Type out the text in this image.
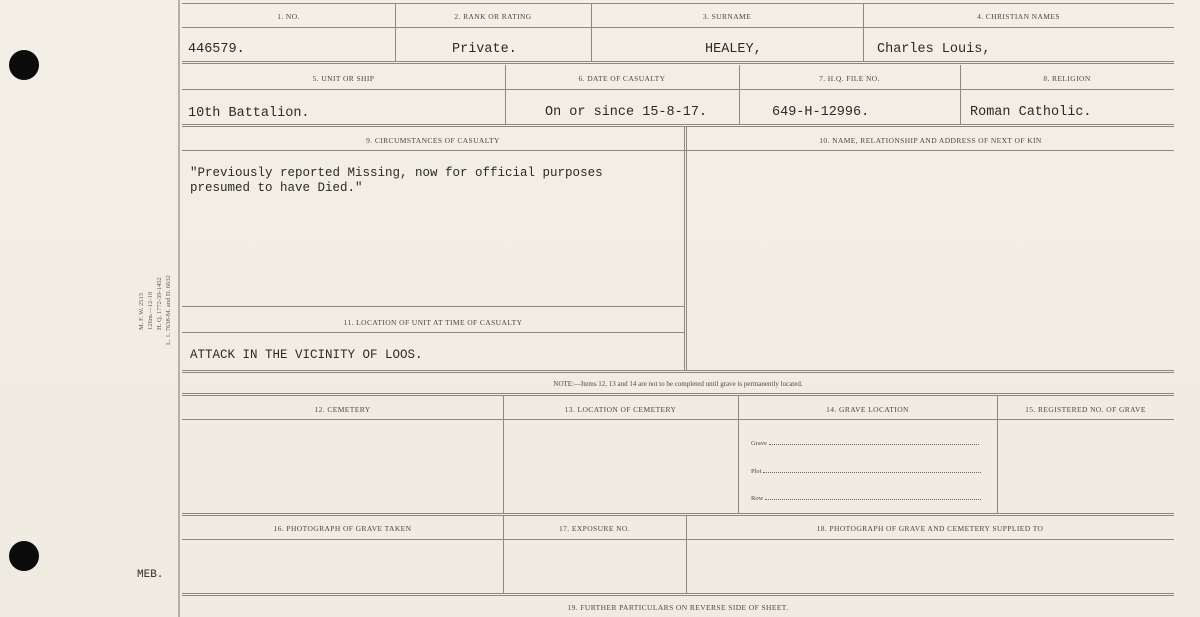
M. F. W. 2513 126m.—12-19 H. Q. 1772-39-1452 L. 1. 7638-M. and D. 6632
MEB.
1. NO.	2. RANK OR RATING	3. SURNAME	4. CHRISTIAN NAMES
446579.	Private.	HEALEY,	Charles Louis,
5. UNIT OR SHIP	6. DATE OF CASUALTY	7. H.Q. FILE NO.	8. RELIGION
10th Battalion.	On or since 15-8-17.	649-H-12996.	Roman Catholic.
9. CIRCUMSTANCES OF CASUALTY	10. NAME, RELATIONSHIP AND ADDRESS OF NEXT OF KIN
"Previously reported Missing, now for official purposes
presumed to have Died."
11. LOCATION OF UNIT AT TIME OF CASUALTY
ATTACK IN THE VICINITY OF LOOS.
NOTE:—Items 12, 13 and 14 are not to be completed until grave is permanently located.
12. CEMETERY	13. LOCATION OF CEMETERY	14. GRAVE LOCATION	15. REGISTERED NO. OF GRAVE
Grave
Plot
Row
16. PHOTOGRAPH OF GRAVE TAKEN	17. EXPOSURE NO.	18. PHOTOGRAPH OF GRAVE AND CEMETERY SUPPLIED TO
19. FURTHER PARTICULARS ON REVERSE SIDE OF SHEET.
